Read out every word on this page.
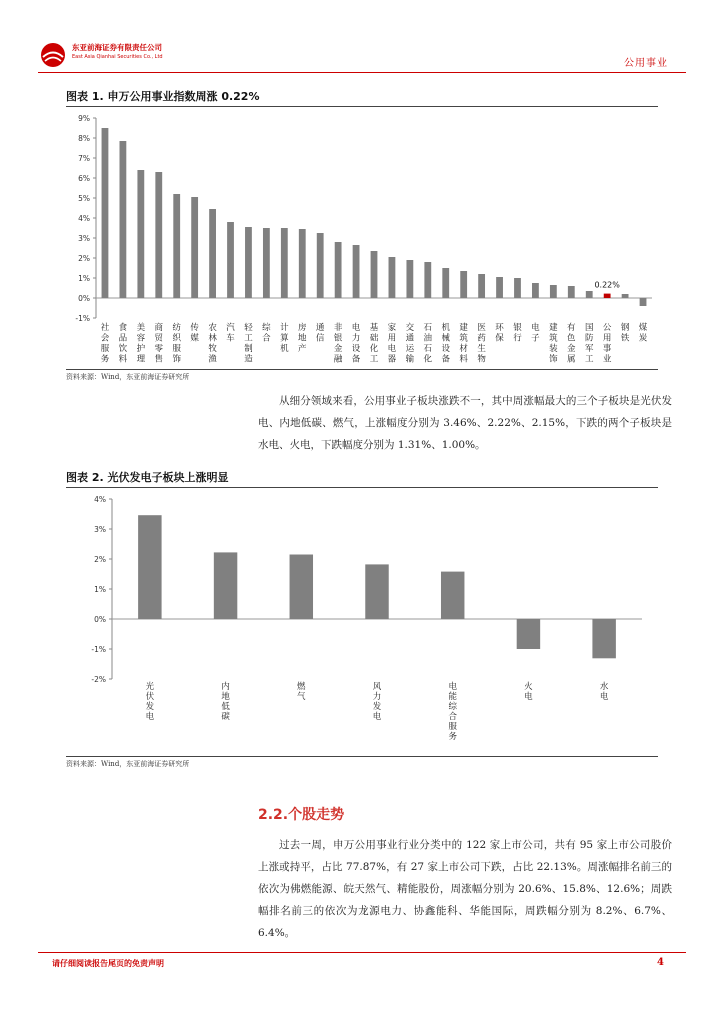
东亚前海证券有限责任公司
East Asia Qianhai Securities Co., Ltd
公用事业
图表 1. 申万公用事业指数周涨 0.22%
-1%
0%
1%
2%
3%
4%
5%
6%
7%
8%
9%
社
会
服
务
食
品
饮
料
美
容
护
理
商
贸
零
售
纺
织
服
饰
传
媒
农
林
牧
渔
汽
车
轻
工
制
造
综
合
计
算
机
房
地
产
通
信
非
银
金
融
电
力
设
备
基
础
化
工
家
用
电
器
交
通
运
输
石
油
石
化
机
械
设
备
建
筑
材
料
医
药
生
物
环
保
银
行
电
子
建
筑
装
饰
有
色
金
属
国
防
军
工
0.22%
公
用
事
业
钢
铁
煤
炭
资料来源：Wind，东亚前海证券研究所

从细分领域来看，公用事业子板块涨跌不一，其中周涨幅最大的三个子板块是光伏发电、内地低碳、燃气，上涨幅度分别为 3.46%、2.22%、2.15%，下跌的两个子板块是水电、火电，下跌幅度分别为 1.31%、1.00%。

图表 2. 光伏发电子板块上涨明显
-2%
-1%
0%
1%
2%
3%
4%
光
伏
发
电
内
地
低
碳
燃
气
风
力
发
电
电
能
综
合
服
务
火
电
水
电
资料来源：Wind，东亚前海证券研究所
2.2.个股走势

过去一周，申万公用事业行业分类中的 122 家上市公司，共有 95 家上市公司股价上涨或持平，占比 77.87%，有 27 家上市公司下跌，占比 22.13%。周涨幅排名前三的依次为佛燃能源、皖天然气、精能股份，周涨幅分别为 20.6%、15.8%、12.6%；周跌幅排名前三的依次为龙源电力、协鑫能科、华能国际，周跌幅分别为 8.2%、6.7%、6.4%。

请仔细阅读报告尾页的免责声明	4
